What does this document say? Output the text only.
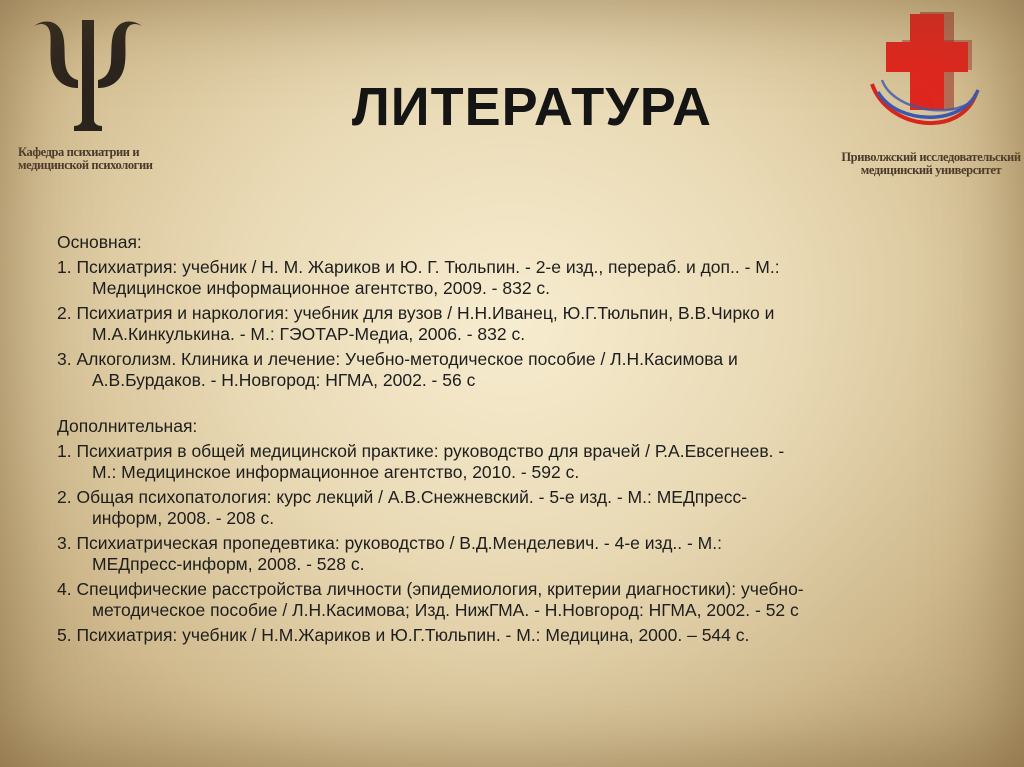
Кафедра психиатрии и
медицинской психологии
Приволжский исследовательский
медицинский университет
ЛИТЕРАТУРА
Основная:
1. Психиатрия: учебник / Н. М. Жариков и Ю. Г. Тюльпин. - 2-е изд., перераб. и доп.. - М.:
Медицинское информационное агентство, 2009. - 832 с.
2. Психиатрия и наркология: учебник для вузов / Н.Н.Иванец, Ю.Г.Тюльпин, В.В.Чирко и
М.А.Кинкулькина. - М.: ГЭОТАР-Медиа, 2006. - 832 с.
3. Алкоголизм. Клиника и лечение: Учебно-методическое пособие / Л.Н.Касимова и
А.В.Бурдаков. - Н.Новгород: НГМА, 2002. - 56 с
Дополнительная:
1. Психиатрия в общей медицинской практике: руководство для врачей / Р.А.Евсегнеев. -
М.: Медицинское информационное агентство, 2010. - 592 с.
2. Общая психопатология: курс лекций / А.В.Снежневский. - 5-е изд. - М.: МЕДпресс-
информ, 2008. - 208 с.
3. Психиатрическая пропедевтика: руководство / В.Д.Менделевич. - 4-е изд.. - М.:
МЕДпресс-информ, 2008. - 528 с.
4. Специфические расстройства личности (эпидемиология, критерии диагностики): учебно-
методическое пособие / Л.Н.Касимова; Изд. НижГМА. - Н.Новгород: НГМА, 2002. - 52 с
5. Психиатрия: учебник / Н.М.Жариков и Ю.Г.Тюльпин. - М.: Медицина, 2000. – 544 с.
